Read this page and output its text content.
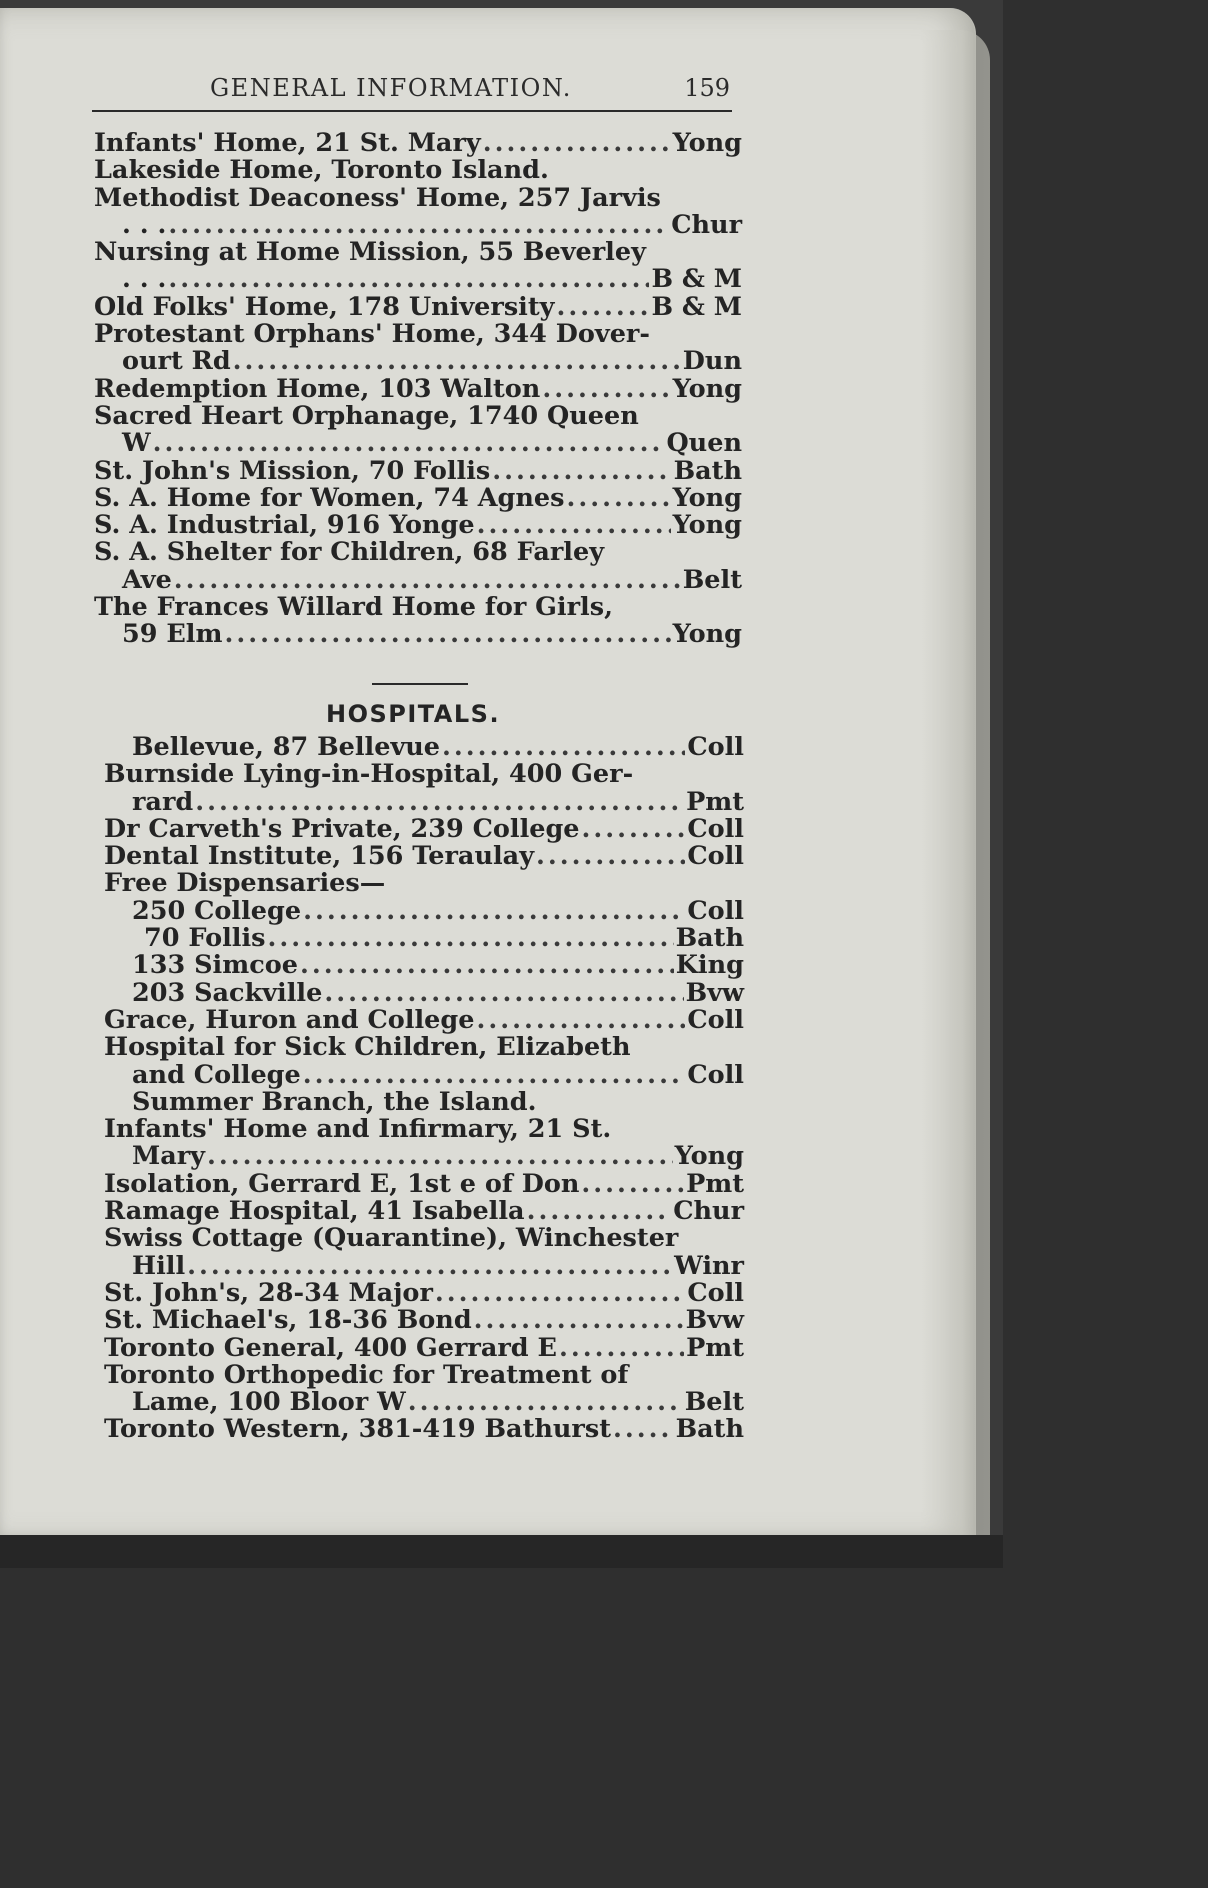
GENERAL INFORMATION.	159
Infants' Home, 21 St. Mary .....	Yong
Lakeside Home, Toronto Island.
Methodist Deaconess' Home, 257 Jarvis
. . . .....	Chur
Nursing at Home Mission, 55 Beverley
. . . .....	B & M
Old Folks' Home, 178 University .....	B & M
Protestant Orphans' Home, 344 Dover-
ourt Rd .....	Dun
Redemption Home, 103 Walton .....	Yong
Sacred Heart Orphanage, 1740 Queen
W .....	Quen
St. John's Mission, 70 Follis .....	Bath
S. A. Home for Women, 74 Agnes .....	Yong
S. A. Industrial, 916 Yonge .....	Yong
S. A. Shelter for Children, 68 Farley
Ave .....	Belt
The Frances Willard Home for Girls,
59 Elm .....	Yong
HOSPITALS.
Bellevue, 87 Bellevue .....	Coll
Burnside Lying-in-Hospital, 400 Ger-
rard .....	Pmt
Dr Carveth's Private, 239 College .....	Coll
Dental Institute, 156 Teraulay .....	Coll
Free Dispensaries—
250 College .....	Coll
70 Follis .....	Bath
133 Simcoe .....	King
203 Sackville .....	Bvw
Grace, Huron and College .....	Coll
Hospital for Sick Children, Elizabeth
and College .....	Coll
Summer Branch, the Island.
Infants' Home and Infirmary, 21 St.
Mary .....	Yong
Isolation, Gerrard E, 1st e of Don .....	Pmt
Ramage Hospital, 41 Isabella .....	Chur
Swiss Cottage (Quarantine), Winchester
Hill .....	Winr
St. John's, 28-34 Major .....	Coll
St. Michael's, 18-36 Bond .....	Bvw
Toronto General, 400 Gerrard E .....	Pmt
Toronto Orthopedic for Treatment of
Lame, 100 Bloor W .....	Belt
Toronto Western, 381-419 Bathurst .....	Bath
